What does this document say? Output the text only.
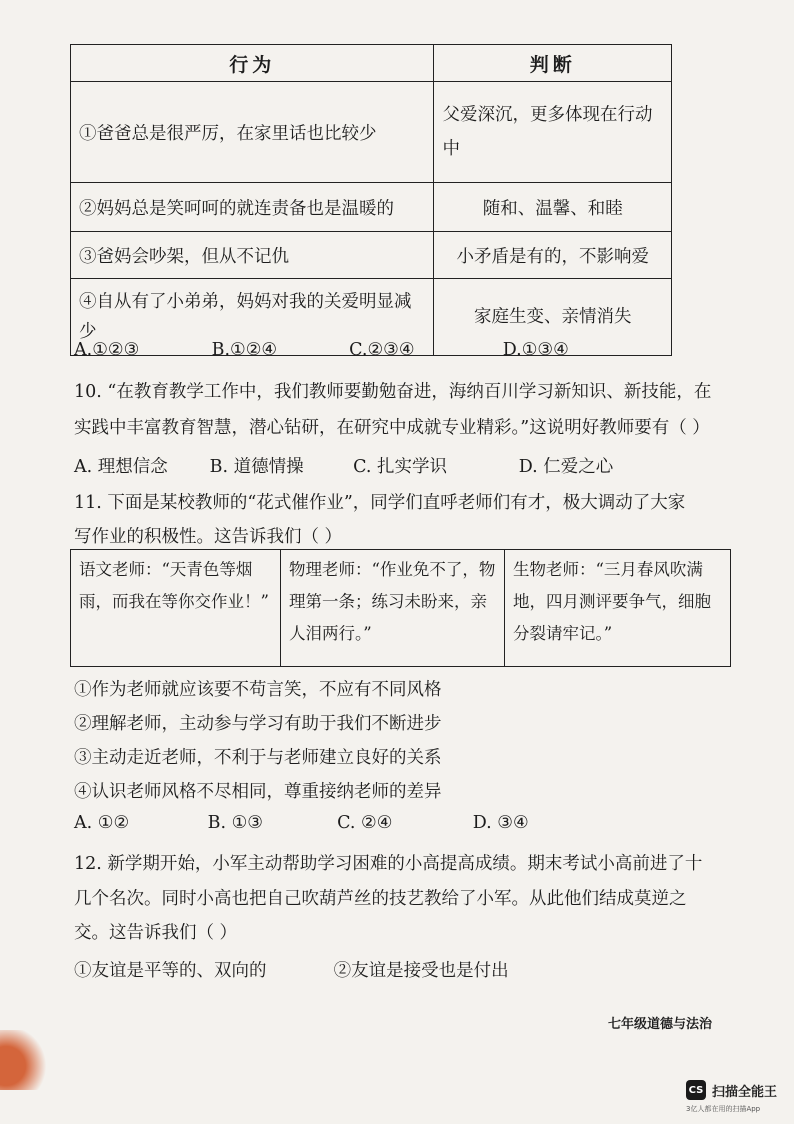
行为	判断
①爸爸总是很严厉，在家里话也比较少	父爱深沉，更多体现在行动中
②妈妈总是笑呵呵的就连责备也是温暖的	随和、温馨、和睦
③爸妈会吵架，但从不记仇	小矛盾是有的，不影响爱
④自从有了小弟弟，妈妈对我的关爱明显减少	家庭生变、亲情消失
A.①②③	B.①②④	C.②③④	D.①③④
10. “在教育教学工作中，我们教师要勤勉奋进，海纳百川学习新知识、新技能，在
实践中丰富教育智慧，潜心钻研，在研究中成就专业精彩。”这说明好教师要有（ ）
A. 理想信念 B. 道德情操	C. 扎实学识	D. 仁爱之心
11. 下面是某校教师的“花式催作业”，同学们直呼老师们有才，极大调动了大家
写作业的积极性。这告诉我们（ ）
语文老师：“天青色等烟雨，而我在等你交作业！”	物理老师：“作业免不了，物理第一条；练习未盼来，亲人泪两行。”	生物老师：“三月春风吹满地，四月测评要争气，细胞分裂请牢记。”
①作为老师就应该要不苟言笑，不应有不同风格
②理解老师，主动参与学习有助于我们不断进步
③主动走近老师，不利于与老师建立良好的关系
④认识老师风格不尽相同，尊重接纳老师的差异
A. ①②	B. ①③	C. ②④	D. ③④
12. 新学期开始，小军主动帮助学习困难的小高提高成绩。期末考试小高前进了十
几个名次。同时小高也把自己吹葫芦丝的技艺教给了小军。从此他们结成莫逆之
交。这告诉我们（ ）
①友谊是平等的、双向的	②友谊是接受也是付出
七年级道德与法治
CS 扫描全能王
3亿人都在用的扫描App
